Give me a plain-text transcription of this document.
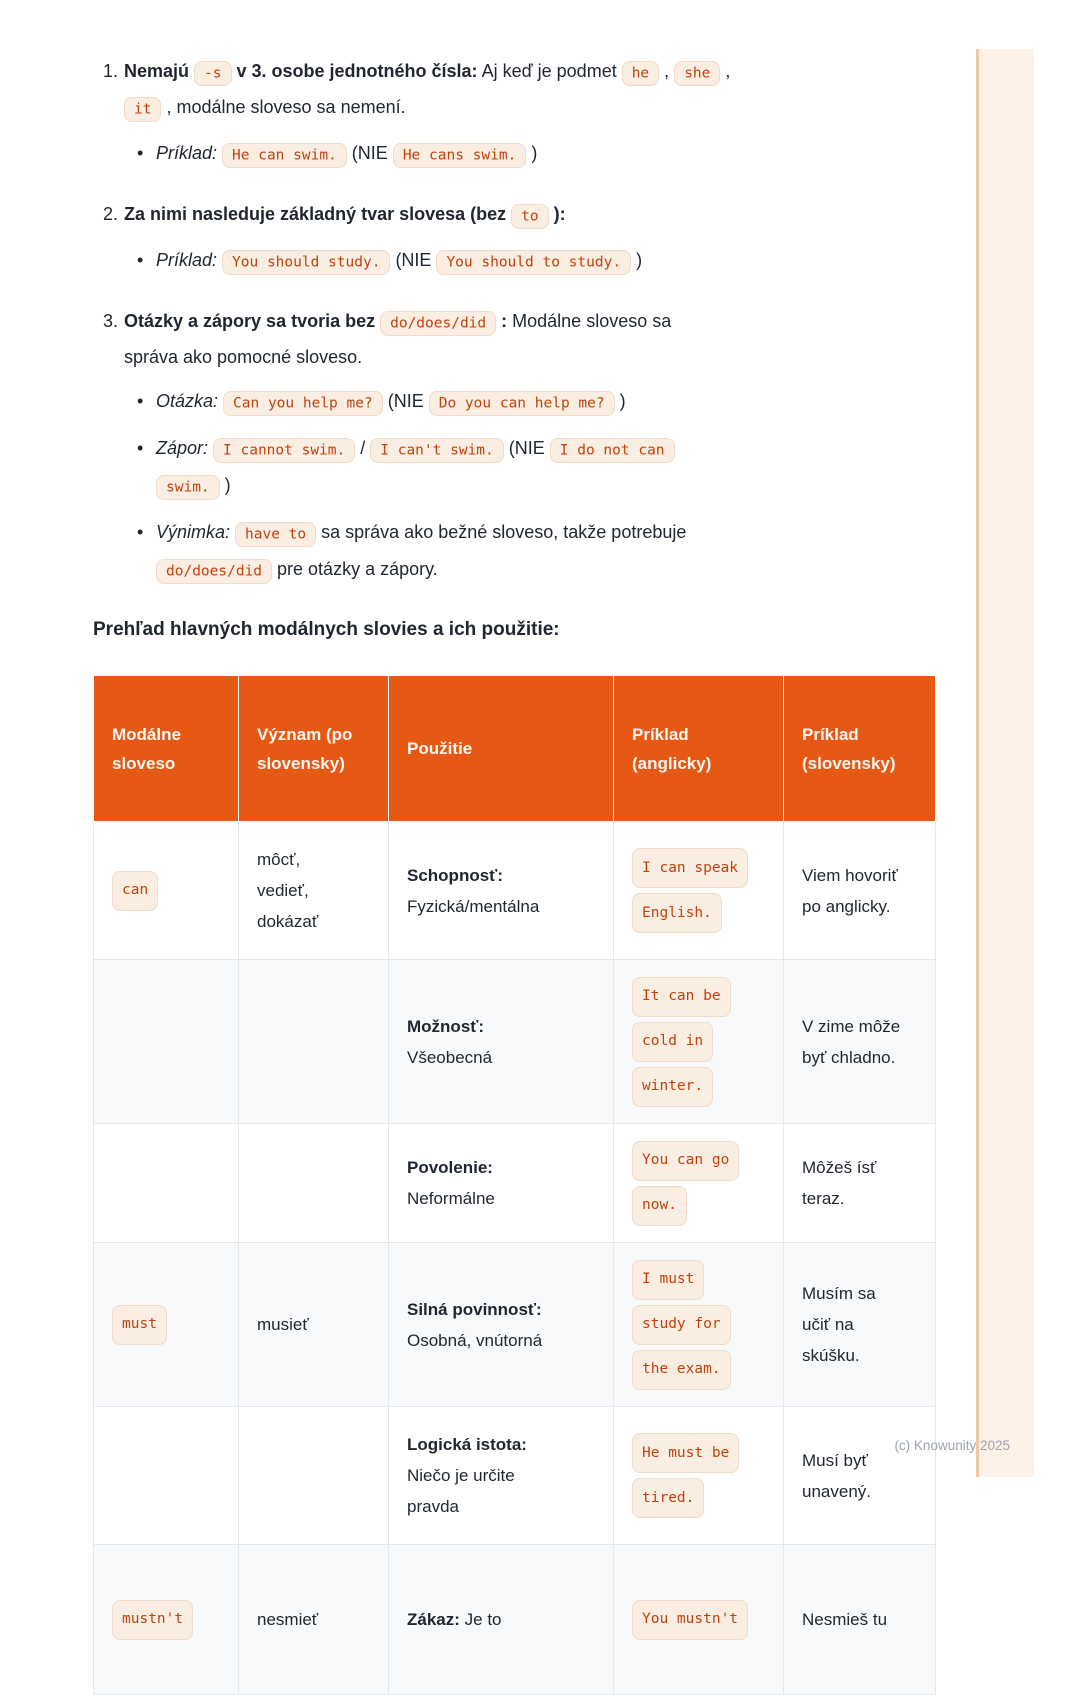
1. Nemajú -s v 3. osobe jednotného čísla: Aj keď je podmet he , she ,
it , modálne sloveso sa nemení.
•
Príklad: He can swim. (NIE He cans swim. )
2. Za nimi nasleduje základný tvar slovesa (bez to ):
•
Príklad: You should study. (NIE You should to study. )
3. Otázky a zápory sa tvoria bez do/does/did : Modálne sloveso sa
správa ako pomocné sloveso.
•
Otázka: Can you help me? (NIE Do you can help me? )
•
Zápor: I cannot swim. / I can't swim. (NIE I do not can
swim. )
•
Výnimka: have to sa správa ako bežné sloveso, takže potrebuje
do/does/did pre otázky a zápory.
Prehľad hlavných modálnych slovies a ich použitie:
Modálne sloveso	Význam (po slovensky)	Použitie	Príklad (anglicky)	Príklad (slovensky)
can	môcť,
vedieť,
dokázať	Schopnosť:
Fyzická/mentálna	I can speak
English.	Viem hovoriť
po anglicky.
		Možnosť:
Všeobecná	It can be
cold in
winter.	V zime môže
byť chladno.
		Povolenie:
Neformálne	You can go
now.	Môžeš ísť
teraz.
must	musieť	Silná povinnosť:
Osobná, vnútorná	I must
study for
the exam.	Musím sa
učiť na
skúšku.
		Logická istota:
Niečo je určite
pravda	He must be
tired.	Musí byť
unavený.
mustn't	nesmieť	Zákaz: Je to	You mustn't	Nesmieš tu
(c) Knowunity 2025
